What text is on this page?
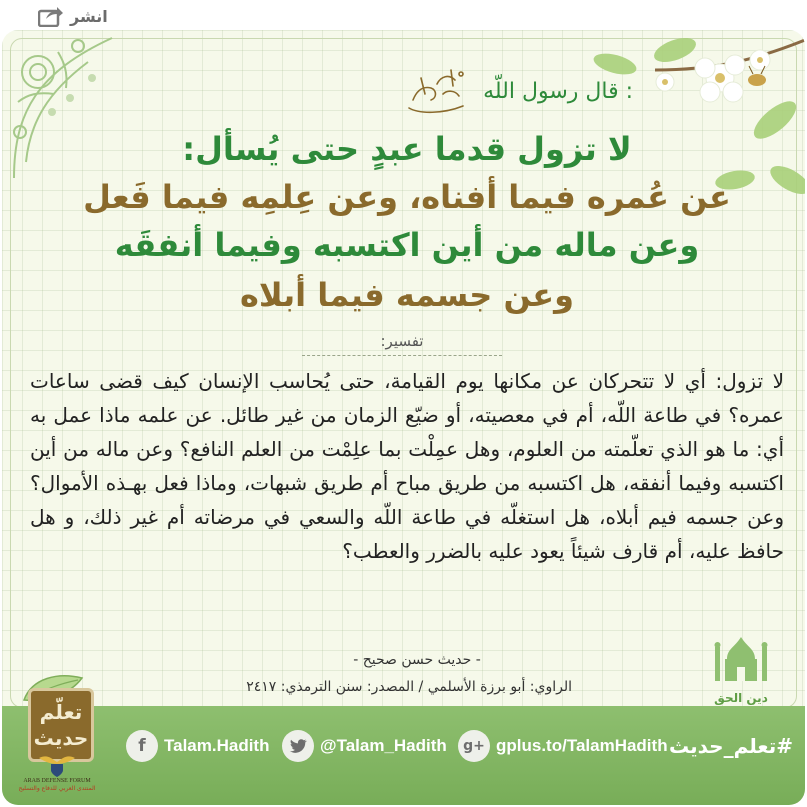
انشر
قال رسول اللّه :
لا تزول قدما عبدٍ حتى يُسأل:
عن عُمره فيما أفناه، وعن عِلمِه فيما فَعل
وعن ماله من أين اكتسبه وفيما أنفقَه
وعن جسمه فيما أبلاه
تفسير:
لا تزول: أي لا تتحركان عن مكانها يوم القيامة، حتى يُحاسب الإنسان كيف قضى ساعات عمره؟ في طاعة اللّه، أم في معصيته، أو ضيّع الزمان من غير طائل. عن علمه ماذا عمل به أي: ما هو الذي تعلّمته من العلوم، وهل عمِلْت بما علِمْت من العلم النافع؟ وعن ماله من أين اكتسبه وفيما أنفقه، هل اكتسبه من طريق مباح أم طريق شبهات، وماذا فعل بهـذه الأموال؟ وعن جسمه فيم أبلاه، هل استغلّه في طاعة اللّه والسعي في مرضاته أم غير ذلك، و هل حافظ عليه، أم قارف شيئاً يعود عليه بالضرر والعطب؟
- حديث حسن صحيح -
الراوي: أبو برزة الأسلمي / المصدر: سنن الترمذي: ٢٤١٧
دين الحق
#تعلم_حديث
f	Talam.Hadith	@Talam_Hadith	g+ gplus.to/TalamHadith
تعلّم
حديث
ARAB DEFENSE FORUM
المنتدى العربي للدفاع والتسليح
